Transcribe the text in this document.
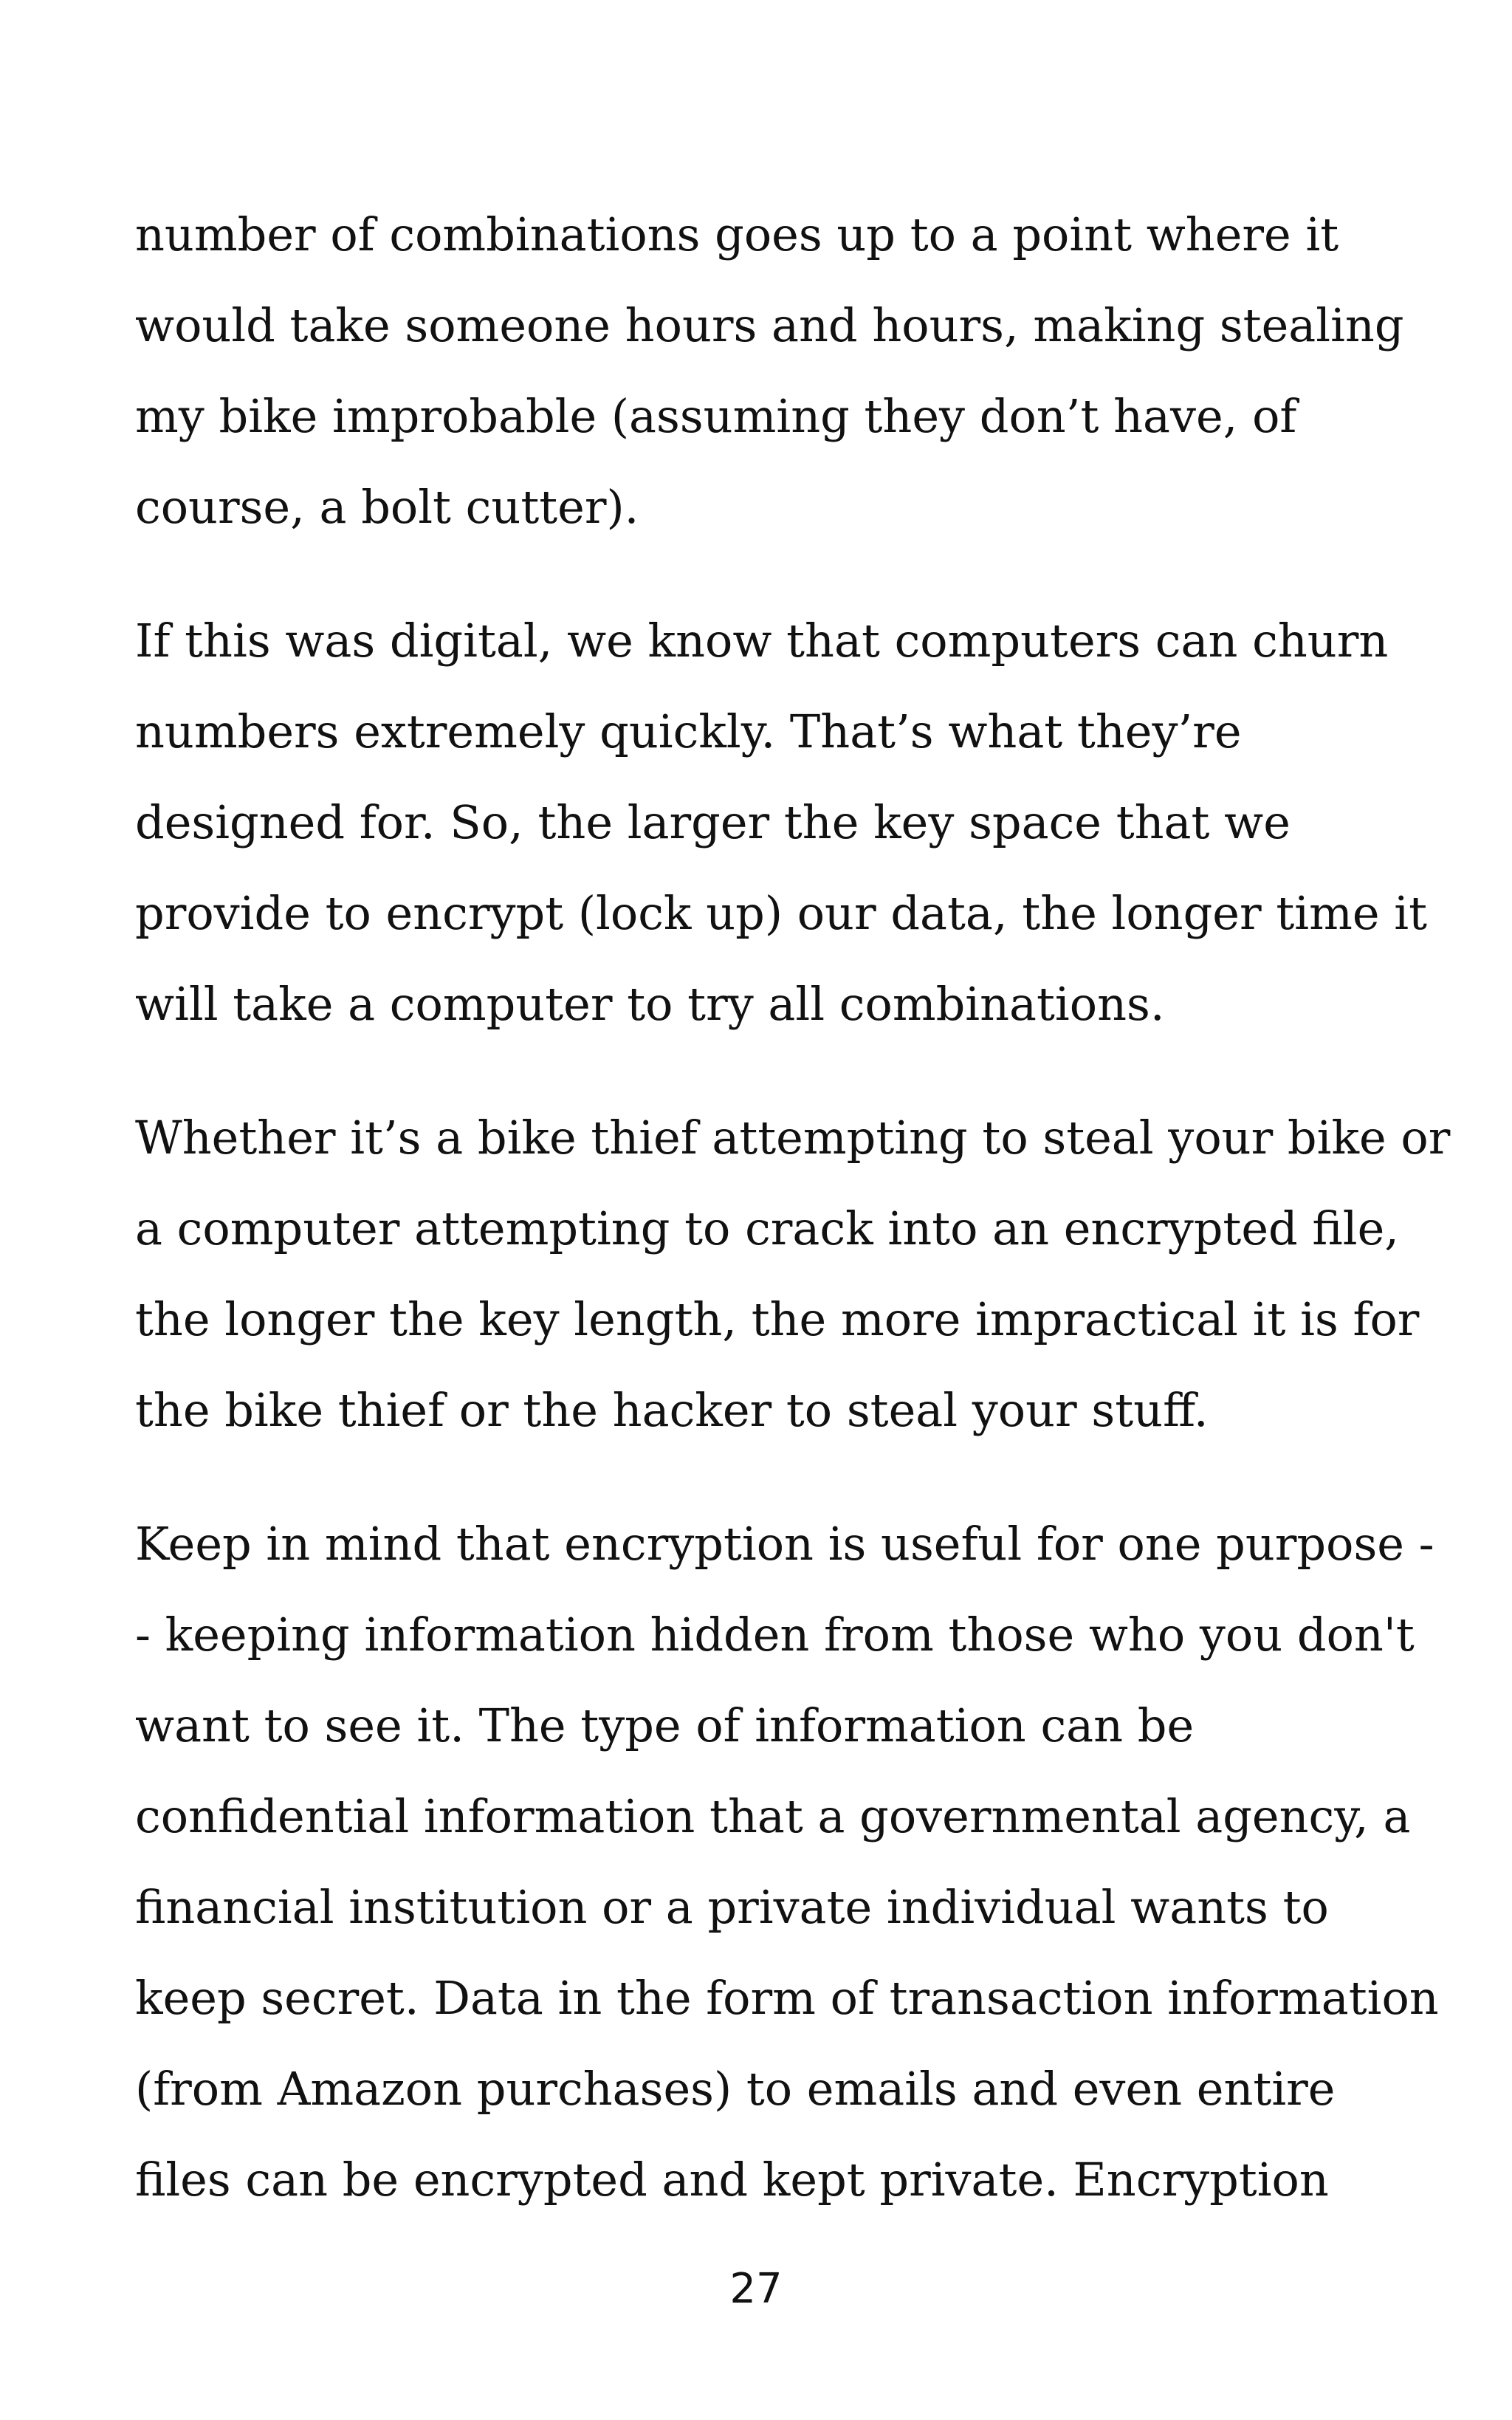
number of combinations goes up to a point where it
would take someone hours and hours, making stealing
my bike improbable (assuming they don’t have, of
course, a bolt cutter).

If this was digital, we know that computers can churn
numbers extremely quickly. That’s what they’re
designed for. So, the larger the key space that we
provide to encrypt (lock up) our data, the longer time it
will take a computer to try all combinations.

Whether it’s a bike thief attempting to steal your bike or
a computer attempting to crack into an encrypted file,
the longer the key length, the more impractical it is for
the bike thief or the hacker to steal your stuff.

Keep in mind that encryption is useful for one purpose -
- keeping information hidden from those who you don't
want to see it. The type of information can be
confidential information that a governmental agency, a
financial institution or a private individual wants to
keep secret. Data in the form of transaction information
(from Amazon purchases) to emails and even entire
files can be encrypted and kept private. Encryption

27
